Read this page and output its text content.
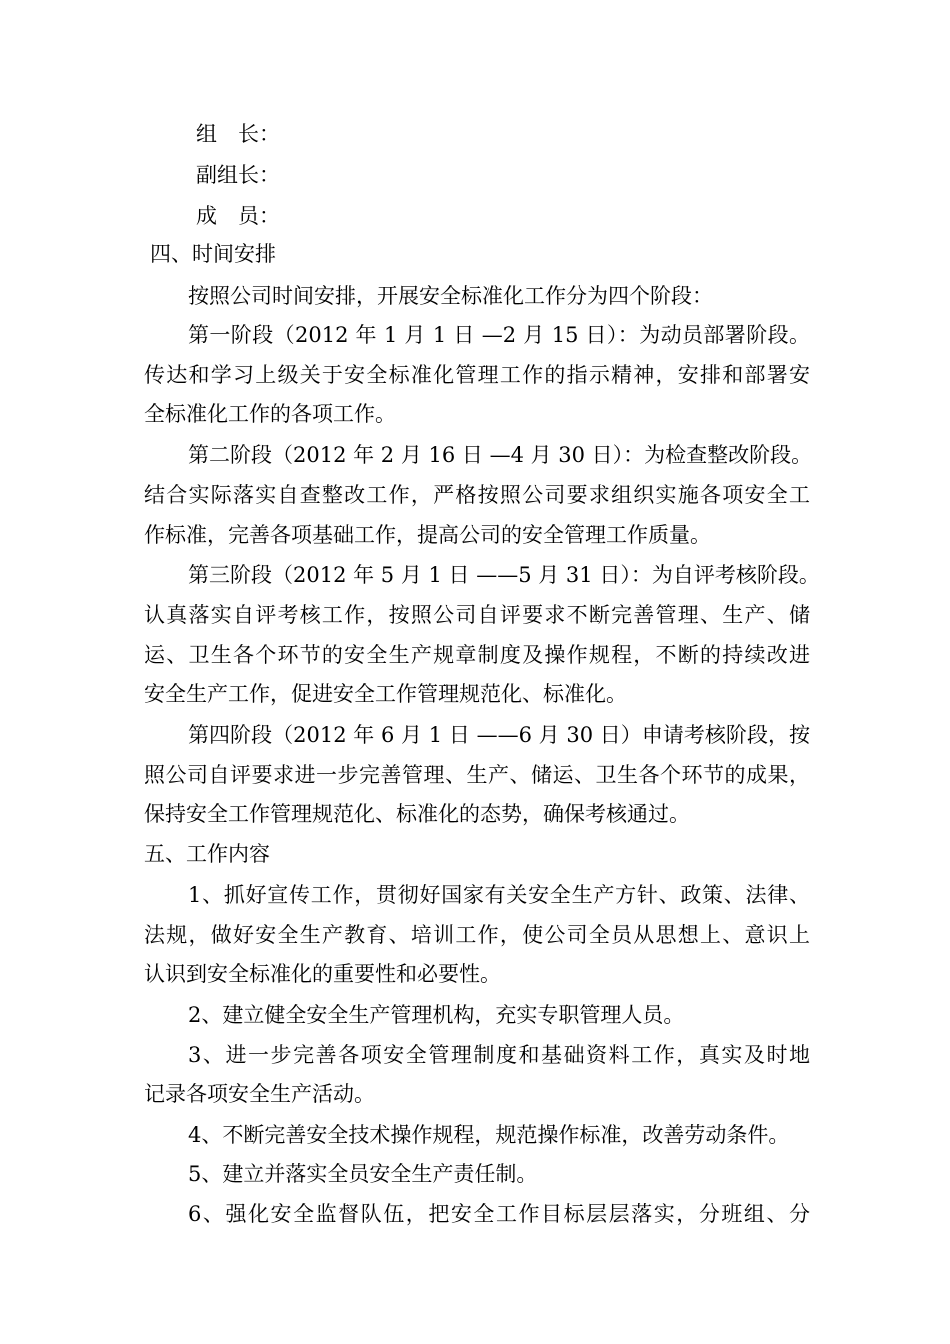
组　长：
副组长：
成　员：
四、时间安排
按照公司时间安排，开展安全标准化工作分为四个阶段：
第一阶段（2012 年 1 月 1 日 —2 月 15 日）：为动员部署阶段。
传达和学习上级关于安全标准化管理工作的指示精神，安排和部署安
全标准化工作的各项工作。
第二阶段（2012 年 2 月 16 日 —4 月 30 日）：为检查整改阶段。
结合实际落实自查整改工作，严格按照公司要求组织实施各项安全工
作标准，完善各项基础工作，提高公司的安全管理工作质量。
第三阶段（2012 年 5 月 1 日 ——5 月 31 日）：为自评考核阶段。
认真落实自评考核工作，按照公司自评要求不断完善管理、生产、储
运、卫生各个环节的安全生产规章制度及操作规程，不断的持续改进
安全生产工作，促进安全工作管理规范化、标准化。
第四阶段（2012 年 6 月 1 日 ——6 月 30 日）申请考核阶段，按
照公司自评要求进一步完善管理、生产、储运、卫生各个环节的成果，
保持安全工作管理规范化、标准化的态势，确保考核通过。
五、工作内容
1、抓好宣传工作，贯彻好国家有关安全生产方针、政策、法律、
法规，做好安全生产教育、培训工作，使公司全员从思想上、意识上
认识到安全标准化的重要性和必要性。
2、建立健全安全生产管理机构，充实专职管理人员。
3、进一步完善各项安全管理制度和基础资料工作，真实及时地
记录各项安全生产活动。
4、不断完善安全技术操作规程，规范操作标准，改善劳动条件。
5、建立并落实全员安全生产责任制。
6、强化安全监督队伍，把安全工作目标层层落实，分班组、分
